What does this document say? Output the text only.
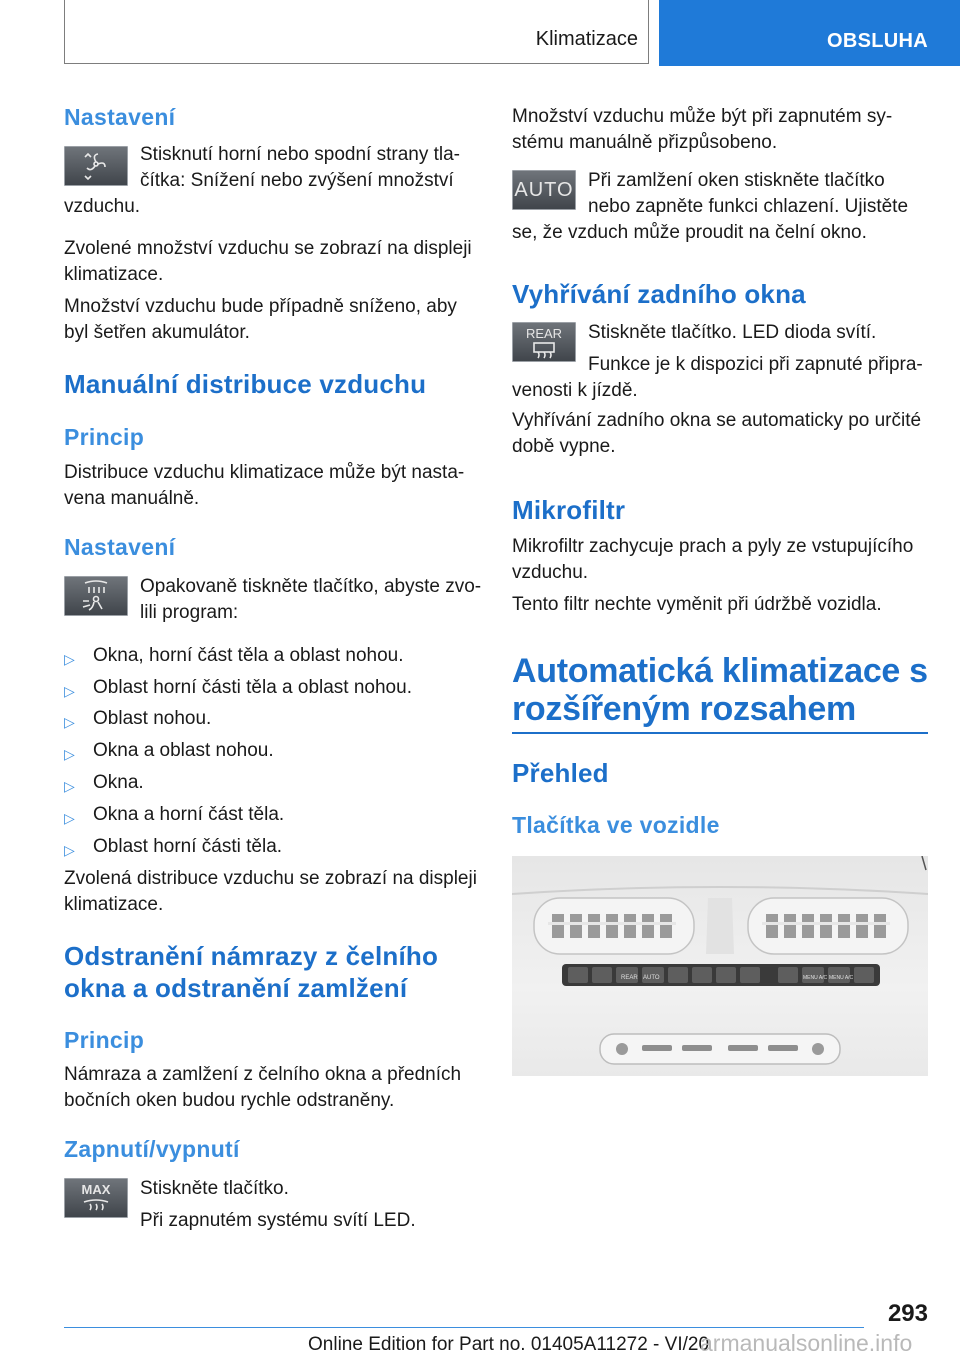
Klimatizace	OBSLUHA
Nastavení
Stisknutí horní nebo spodní strany tla-
čítka: Snížení nebo zvýšení množství
vzduchu.
Zvolené množství vzduchu se zobrazí na displeji
klimatizace.
Množství vzduchu bude případně sníženo, aby
byl šetřen akumulátor.
Manuální distribuce vzduchu
Princip
Distribuce vzduchu klimatizace může být nasta-
vena manuálně.
Nastavení
Opakovaně tiskněte tlačítko, abyste zvo-
lili program:
▷ Okna, horní část těla a oblast nohou.
▷ Oblast horní části těla a oblast nohou.
▷ Oblast nohou.
▷ Okna a oblast nohou.
▷ Okna.
▷ Okna a horní část těla.
▷ Oblast horní části těla.
Zvolená distribuce vzduchu se zobrazí na displeji
klimatizace.
Odstranění námrazy z čelního
okna a odstranění zamlžení
Princip
Námraza a zamlžení z čelního okna a předních
bočních oken budou rychle odstraněny.
Zapnutí/vypnutí
MAX	Stiskněte tlačítko.
Při zapnutém systému svítí LED.
Množství vzduchu může být při zapnutém sy-
stému manuálně přizpůsobeno.
AUTO Při zamlžení oken stiskněte tlačítko
nebo zapněte funkci chlazení. Ujistěte
se, že vzduch může proudit na čelní okno.
Vyhřívání zadního okna
REAR	Stiskněte tlačítko. LED dioda svítí.
Funkce je k dispozici při zapnuté připra-
venosti k jízdě.
Vyhřívání zadního okna se automaticky po určité
době vypne.
Mikrofiltr
Mikrofiltr zachycuje prach a pyly ze vstupujícího
vzduchu.
Tento filtr nechte vyměnit při údržbě vozidla.
Automatická klimatizace s
rozšířeným rozsahem
Přehled
Tlačítka ve vozidle
REAR AUTO	MENU A/C MENU A/C
293
Online Edition for Part no. 01405A11272 - VI/20
armanualsonline.info
